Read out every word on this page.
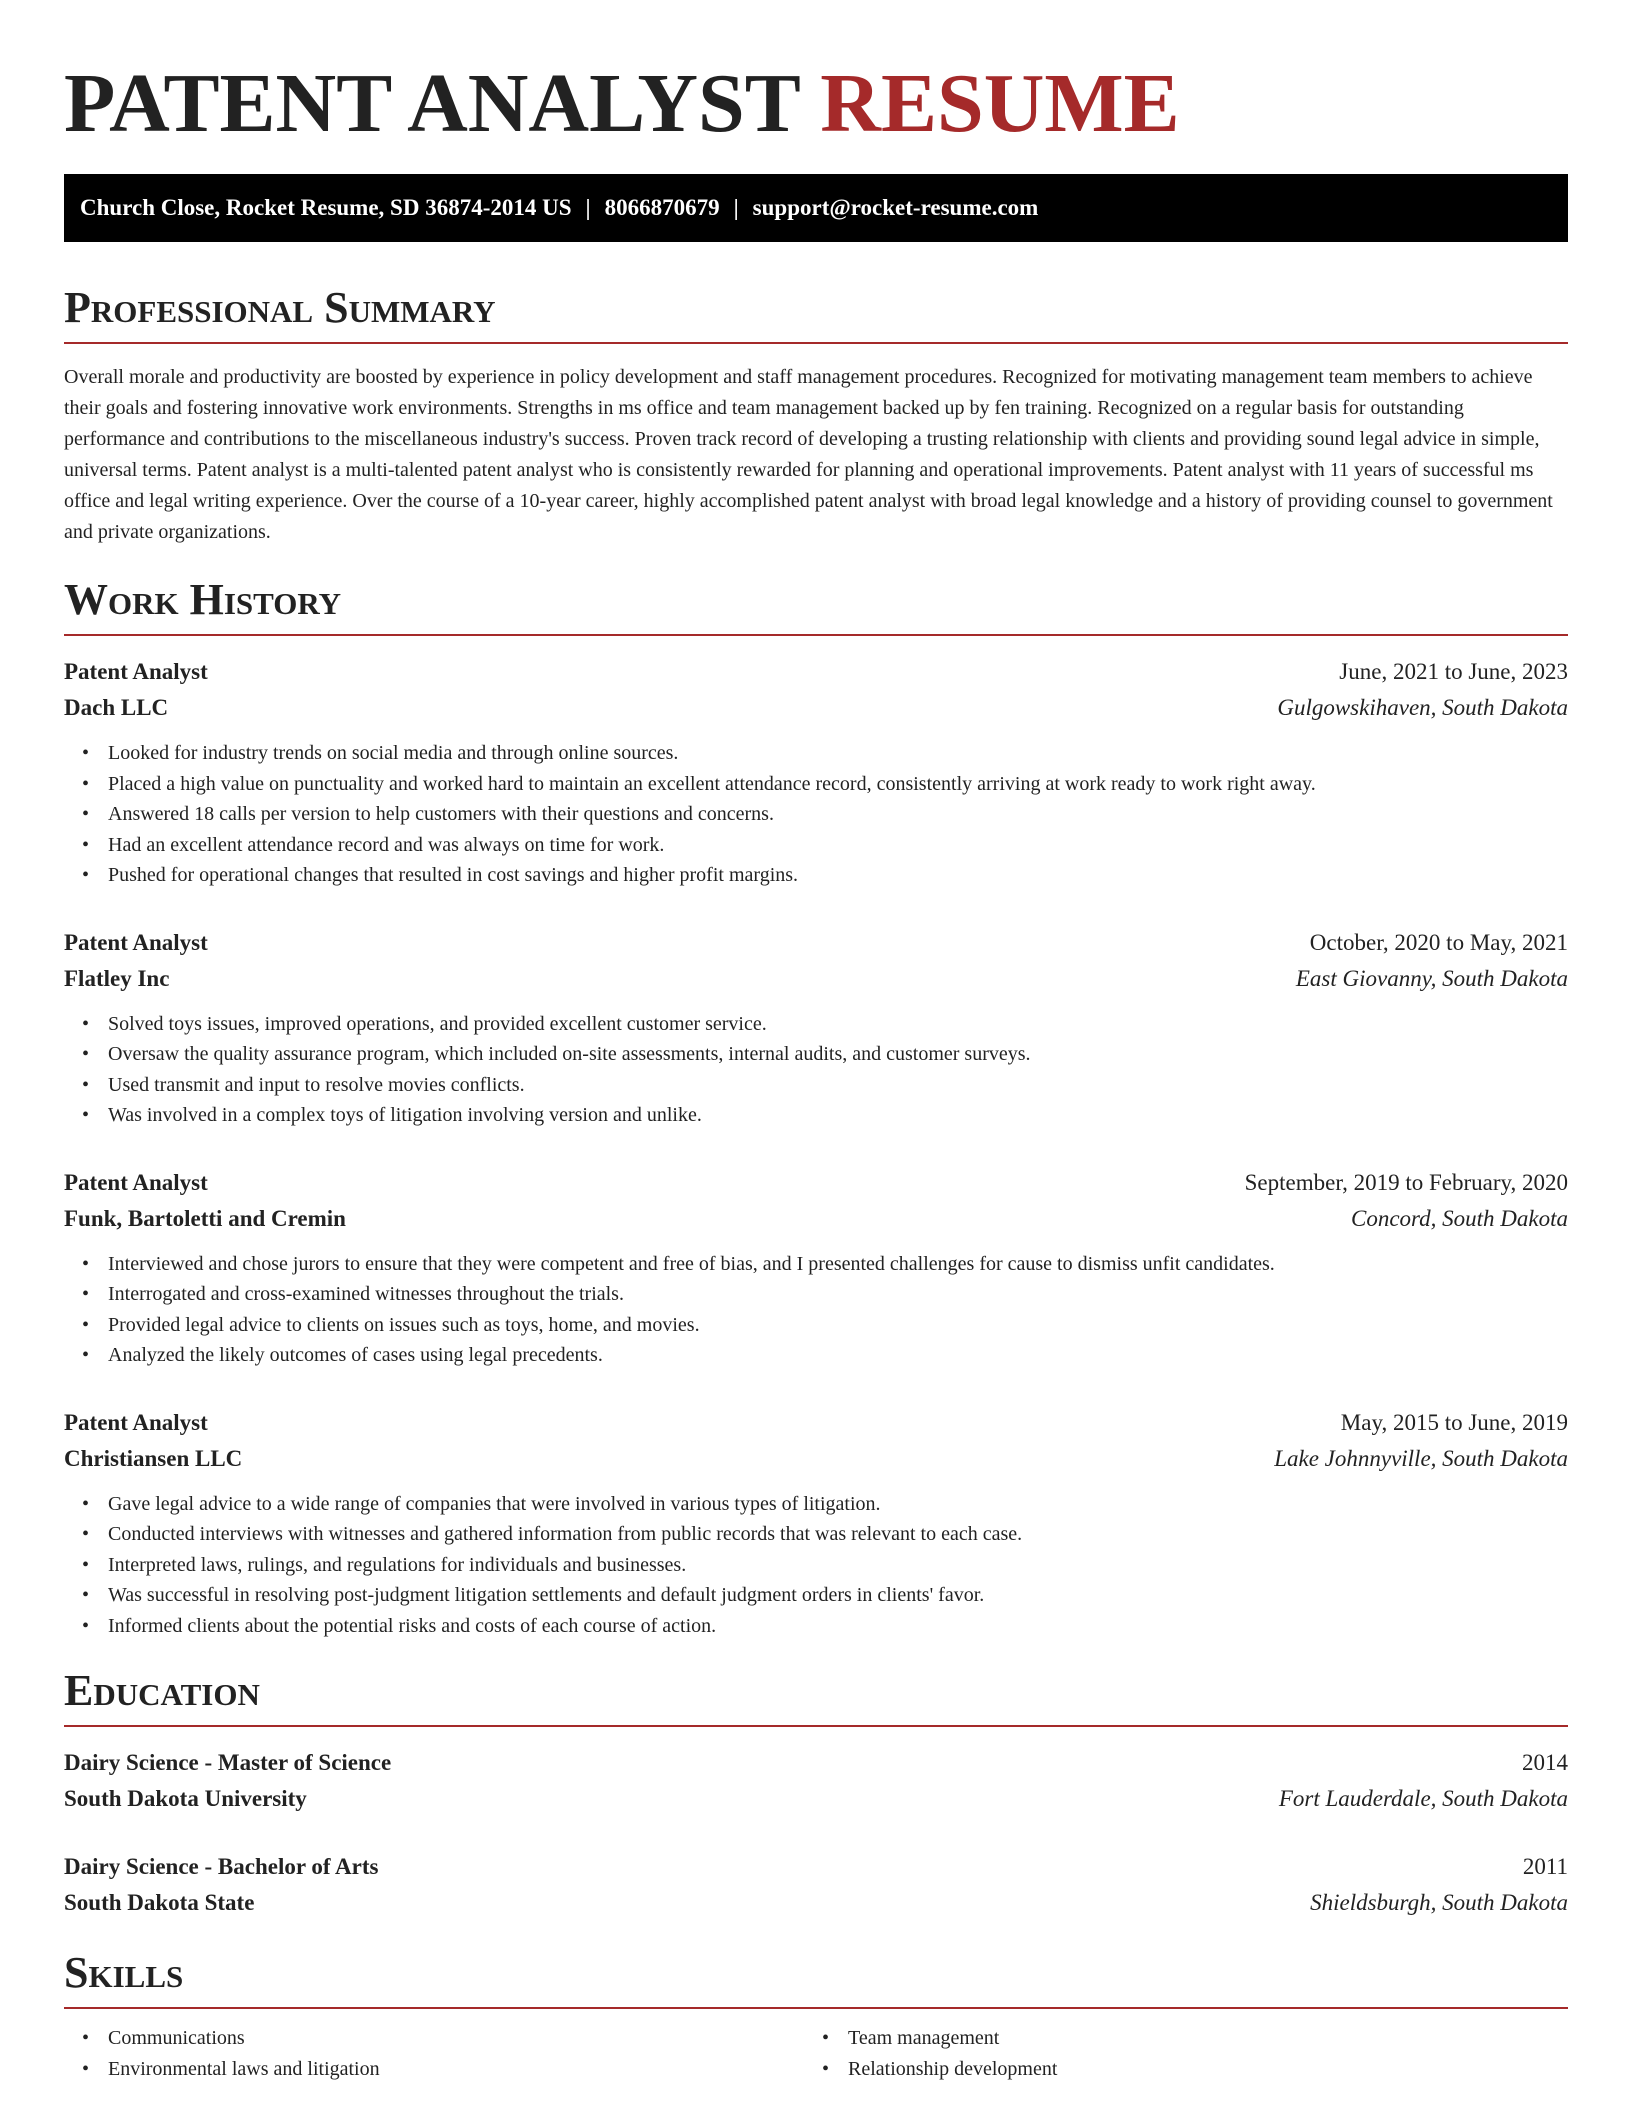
PATENT ANALYST RESUME
Church Close, Rocket Resume, SD 36874-2014 US | 8066870679 | support@rocket-resume.com
Professional Summary

Overall morale and productivity are boosted by experience in policy development and staff management procedures. Recognized for motivating management team members to achieve their goals and fostering innovative work environments. Strengths in ms office and team management backed up by fen training. Recognized on a regular basis for outstanding performance and contributions to the miscellaneous industry's success. Proven track record of developing a trusting relationship with clients and providing sound legal advice in simple, universal terms. Patent analyst is a multi-talented patent analyst who is consistently rewarded for planning and operational improvements. Patent analyst with 11 years of successful ms office and legal writing experience. Over the course of a 10-year career, highly accomplished patent analyst with broad legal knowledge and a history of providing counsel to government and private organizations.

Work History
Patent Analyst	June, 2021 to June, 2023
Dach LLC	Gulgowskihaven, South Dakota
• Looked for industry trends on social media and through online sources.
• Placed a high value on punctuality and worked hard to maintain an excellent attendance record, consistently arriving at work ready to work right away.
• Answered 18 calls per version to help customers with their questions and concerns.
• Had an excellent attendance record and was always on time for work.
• Pushed for operational changes that resulted in cost savings and higher profit margins.
Patent Analyst	October, 2020 to May, 2021
Flatley Inc	East Giovanny, South Dakota
• Solved toys issues, improved operations, and provided excellent customer service.
• Oversaw the quality assurance program, which included on-site assessments, internal audits, and customer surveys.
• Used transmit and input to resolve movies conflicts.
• Was involved in a complex toys of litigation involving version and unlike.
Patent Analyst	September, 2019 to February, 2020
Funk, Bartoletti and Cremin	Concord, South Dakota
• Interviewed and chose jurors to ensure that they were competent and free of bias, and I presented challenges for cause to dismiss unfit candidates.
• Interrogated and cross-examined witnesses throughout the trials.
• Provided legal advice to clients on issues such as toys, home, and movies.
• Analyzed the likely outcomes of cases using legal precedents.
Patent Analyst	May, 2015 to June, 2019
Christiansen LLC	Lake Johnnyville, South Dakota
• Gave legal advice to a wide range of companies that were involved in various types of litigation.
• Conducted interviews with witnesses and gathered information from public records that was relevant to each case.
• Interpreted laws, rulings, and regulations for individuals and businesses.
• Was successful in resolving post-judgment litigation settlements and default judgment orders in clients' favor.
• Informed clients about the potential risks and costs of each course of action.
Education
Dairy Science - Master of Science	2014
South Dakota University	Fort Lauderdale, South Dakota
Dairy Science - Bachelor of Arts	2011
South Dakota State	Shieldsburgh, South Dakota
Skills
• Communications
• Environmental laws and litigation
• Team management
• Relationship development
